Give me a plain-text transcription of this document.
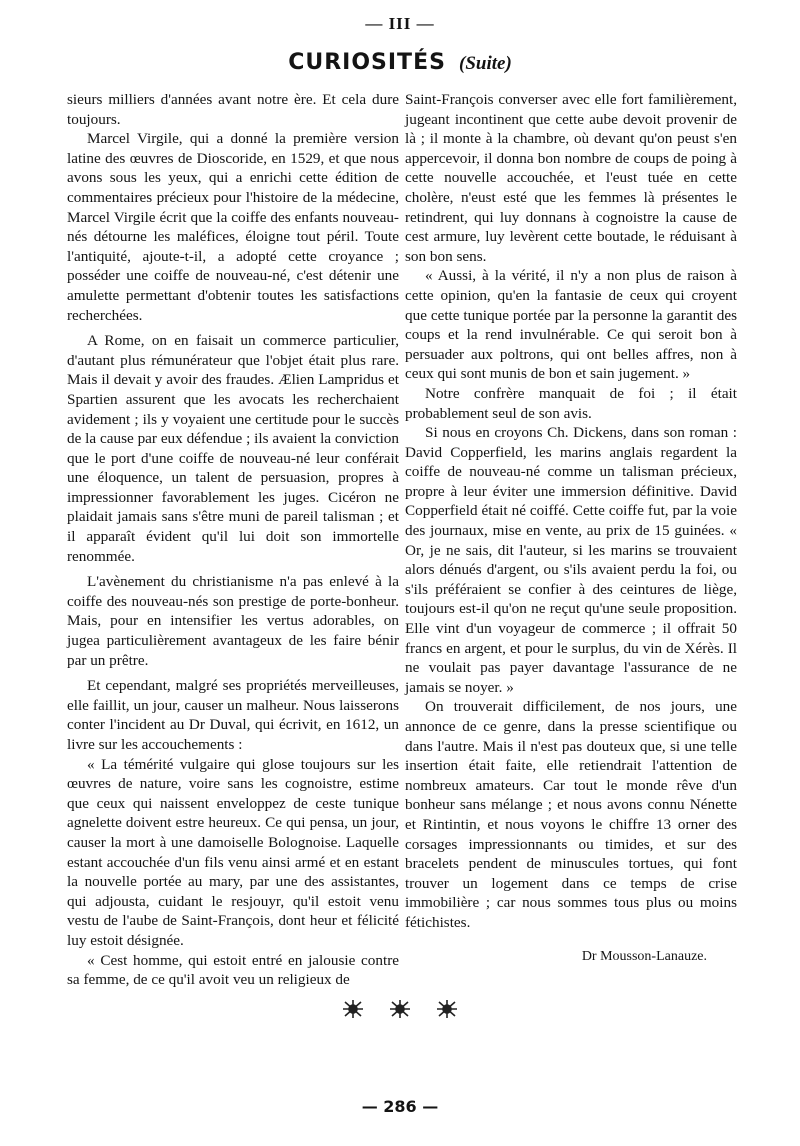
— III —
CURIOSITÉS (Suite)

sieurs milliers d'années avant notre ère. Et cela dure toujours.

Marcel Virgile, qui a donné la première version latine des œuvres de Dioscoride, en 1529, et que nous avons sous les yeux, qui a enrichi cette édition de commentaires précieux pour l'histoire de la médecine, Marcel Virgile écrit que la coiffe des enfants nouveau-nés détourne les maléfices, éloigne tout péril. Toute l'antiquité, ajoute-t-il, a adopté cette croyance ; posséder une coiffe de nouveau-né, c'est détenir une amulette permettant d'obtenir toutes les satisfactions recherchées.

A Rome, on en faisait un commerce particulier, d'autant plus rémunérateur que l'objet était plus rare. Mais il devait y avoir des fraudes. Ælien Lampridus et Spartien assurent que les avocats les recherchaient avidement ; ils y voyaient une certitude pour le succès de la cause par eux défendue ; ils avaient la conviction que le port d'une coiffe de nouveau-né leur conférait une éloquence, un talent de persuasion, propres à impressionner favorablement les juges. Cicéron ne plaidait jamais sans s'être muni de pareil talisman ; et il apparaît évident qu'il lui doit son immortelle renommée.

L'avènement du christianisme n'a pas enlevé à la coiffe des nouveau-nés son prestige de porte-bonheur. Mais, pour en intensifier les vertus adorables, on jugea particulièrement avantageux de les faire bénir par un prêtre.

Et cependant, malgré ses propriétés merveilleuses, elle faillit, un jour, causer un malheur. Nous laisserons conter l'incident au Dr Duval, qui écrivit, en 1612, un livre sur les accouchements :

« La témérité vulgaire qui glose toujours sur les œuvres de nature, voire sans les cognoistre, estime que ceux qui naissent enveloppez de ceste tunique agnelette doivent estre heureux. Ce qui pensa, un jour, causer la mort à une damoiselle Bolognoise. Laquelle estant accouchée d'un fils venu ainsi armé et en estant la nouvelle portée au mary, par une des assistantes, qui adjousta, cuidant le resjouyr, qu'il estoit venu vestu de l'aube de Saint-François, dont heur et félicité luy estoit désignée.

« Cest homme, qui estoit entré en jalousie contre sa femme, de ce qu'il avoit veu un religieux de

Saint-François converser avec elle fort familièrement, jugeant incontinent que cette aube devoit provenir de là ; il monte à la chambre, où devant qu'on peust s'en appercevoir, il donna bon nombre de coups de poing à cette nouvelle accouchée, et l'eust tuée en cette cholère, n'eust esté que les femmes là présentes le retindrent, qui luy donnans à cognoistre la cause de cest armure, luy levèrent cette boutade, le réduisant à son bon sens.

« Aussi, à la vérité, il n'y a non plus de raison à cette opinion, qu'en la fantasie de ceux qui croyent que cette tunique portée par la personne la garantit des coups et la rend invulnérable. Ce qui seroit bon à persuader aux poltrons, qui ont belles affres, non à ceux qui sont munis de bon et sain jugement. »

Notre confrère manquait de foi ; il était probablement seul de son avis.

Si nous en croyons Ch. Dickens, dans son roman : David Copperfield, les marins anglais regardent la coiffe de nouveau-né comme un talisman précieux, propre à leur éviter une immersion définitive. David Copperfield était né coiffé. Cette coiffe fut, par la voie des journaux, mise en vente, au prix de 15 guinées. « Or, je ne sais, dit l'auteur, si les marins se trouvaient alors dénués d'argent, ou s'ils avaient perdu la foi, ou s'ils préféraient se confier à des ceintures de liège, toujours est-il qu'on ne reçut qu'une seule proposition. Elle vint d'un voyageur de commerce ; il offrait 50 francs en argent, et pour le surplus, du vin de Xérès. Il ne voulait pas payer davantage l'assurance de ne jamais se noyer. »

On trouverait difficilement, de nos jours, une annonce de ce genre, dans la presse scientifique ou dans l'autre. Mais il n'est pas douteux que, si une telle insertion était faite, elle retiendrait l'attention de nombreux amateurs. Car tout le monde rêve d'un bonheur sans mélange ; et nous avons connu Nénette et Rintintin, et nous voyons le chiffre 13 orner des corsages impressionnants ou timides, et sur des bracelets pendent de minuscules tortues, qui font trouver un logement dans ce temps de crise immobilière ; car nous sommes tous plus ou moins fétichistes.

Dr Mousson-Lanauze.

— 286 —
